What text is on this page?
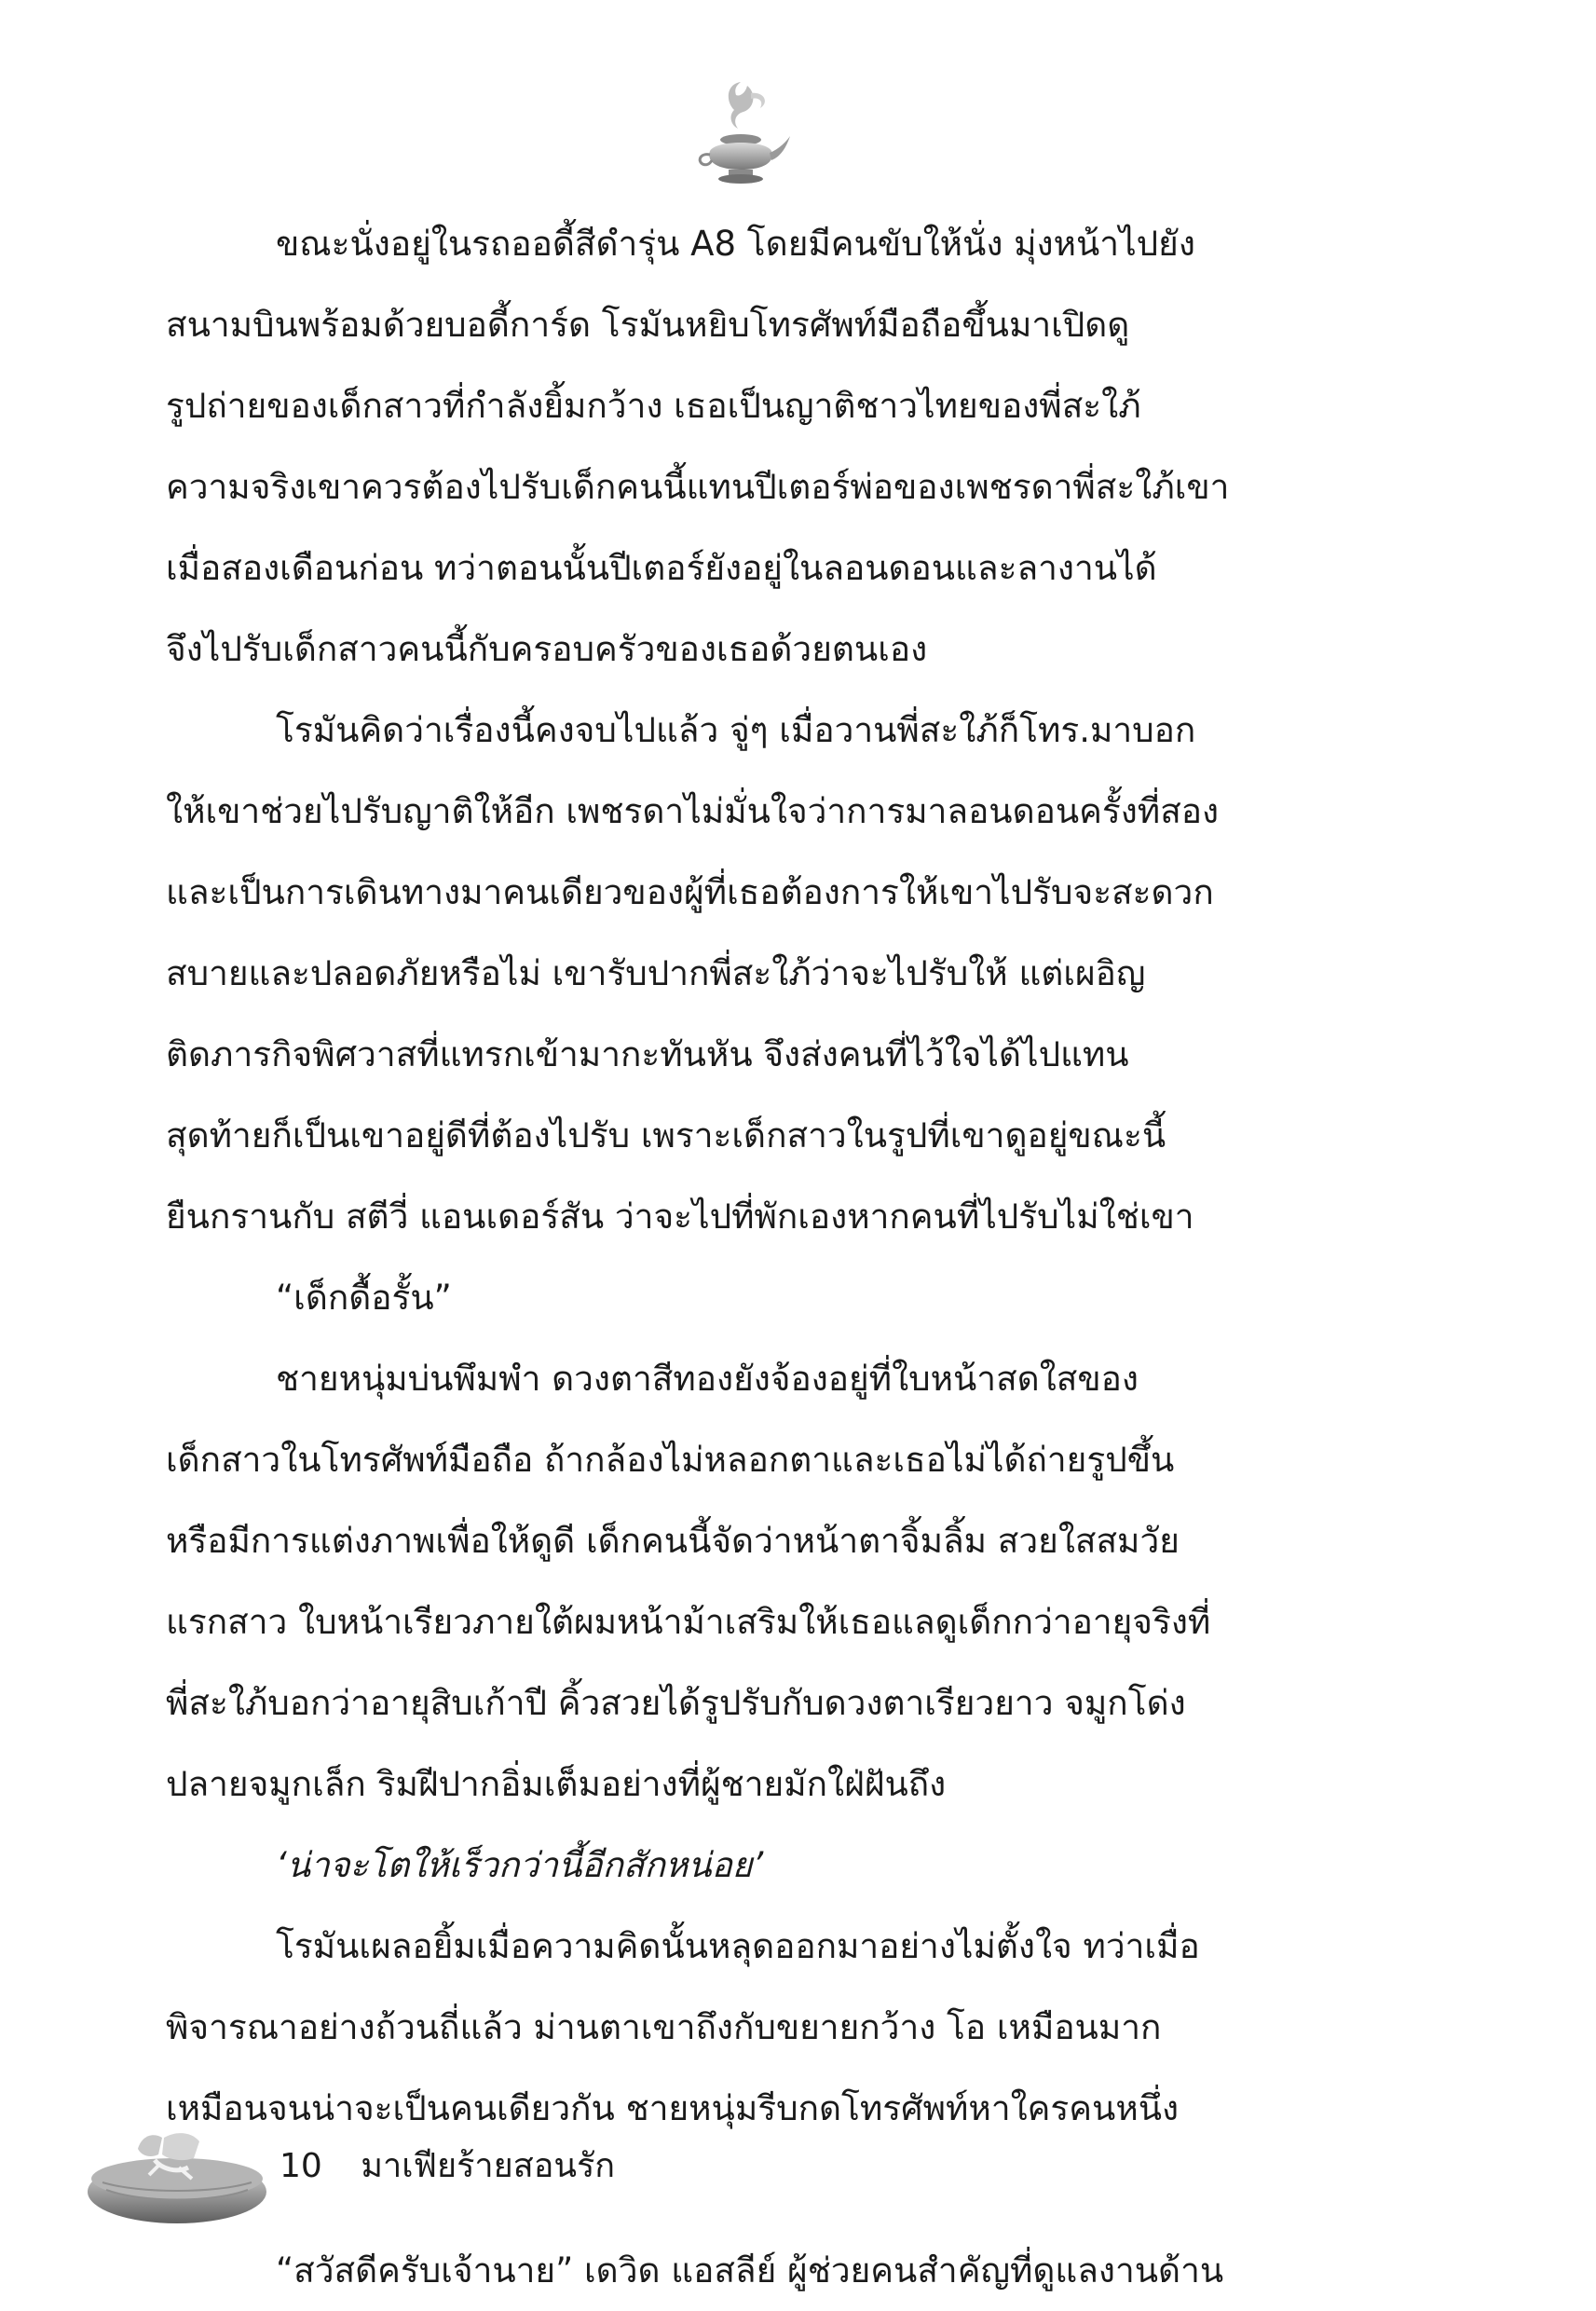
ขณะนั่งอยู่ในรถออดี้สีดำรุ่น A8 โดยมีคนขับให้นั่ง มุ่งหน้าไปยัง

สนามบินพร้อมด้วยบอดี้การ์ด โรมันหยิบโทรศัพท์มือถือขึ้นมาเปิดดู

รูปถ่ายของเด็กสาวที่กำลังยิ้มกว้าง เธอเป็นญาติชาวไทยของพี่สะใภ้

ความจริงเขาควรต้องไปรับเด็กคนนี้แทนปีเตอร์พ่อของเพชรดาพี่สะใภ้เขา

เมื่อสองเดือนก่อน ทว่าตอนนั้นปีเตอร์ยังอยู่ในลอนดอนและลางานได้

จึงไปรับเด็กสาวคนนี้กับครอบครัวของเธอด้วยตนเอง

โรมันคิดว่าเรื่องนี้คงจบไปแล้ว จู่ๆ เมื่อวานพี่สะใภ้ก็โทร.มาบอก

ให้เขาช่วยไปรับญาติให้อีก เพชรดาไม่มั่นใจว่าการมาลอนดอนครั้งที่สอง

และเป็นการเดินทางมาคนเดียวของผู้ที่เธอต้องการให้เขาไปรับจะสะดวก

สบายและปลอดภัยหรือไม่ เขารับปากพี่สะใภ้ว่าจะไปรับให้ แต่เผอิญ

ติดภารกิจพิศวาสที่แทรกเข้ามากะทันหัน จึงส่งคนที่ไว้ใจได้ไปแทน

สุดท้ายก็เป็นเขาอยู่ดีที่ต้องไปรับ เพราะเด็กสาวในรูปที่เขาดูอยู่ขณะนี้

ยืนกรานกับ สตีวี่ แอนเดอร์สัน ว่าจะไปที่พักเองหากคนที่ไปรับไม่ใช่เขา

“เด็กดื้อรั้น”

ชายหนุ่มบ่นพึมพำ ดวงตาสีทองยังจ้องอยู่ที่ใบหน้าสดใสของ

เด็กสาวในโทรศัพท์มือถือ ถ้ากล้องไม่หลอกตาและเธอไม่ได้ถ่ายรูปขึ้น

หรือมีการแต่งภาพเพื่อให้ดูดี เด็กคนนี้จัดว่าหน้าตาจิ้มลิ้ม สวยใสสมวัย

แรกสาว ใบหน้าเรียวภายใต้ผมหน้าม้าเสริมให้เธอแลดูเด็กกว่าอายุจริงที่

พี่สะใภ้บอกว่าอายุสิบเก้าปี คิ้วสวยได้รูปรับกับดวงตาเรียวยาว จมูกโด่ง

ปลายจมูกเล็ก ริมฝีปากอิ่มเต็มอย่างที่ผู้ชายมักใฝ่ฝันถึง

‘น่าจะโตให้เร็วกว่านี้อีกสักหน่อย’

โรมันเผลอยิ้มเมื่อความคิดนั้นหลุดออกมาอย่างไม่ตั้งใจ ทว่าเมื่อ

พิจารณาอย่างถ้วนถี่แล้ว ม่านตาเขาถึงกับขยายกว้าง โอ เหมือนมาก

เหมือนจนน่าจะเป็นคนเดียวกัน ชายหนุ่มรีบกดโทรศัพท์หาใครคนหนึ่ง

“สวัสดีครับเจ้านาย” เดวิด แอสลีย์ ผู้ช่วยคนสำคัญที่ดูแลงานด้าน

10 มาเฟียร้ายสอนรัก
